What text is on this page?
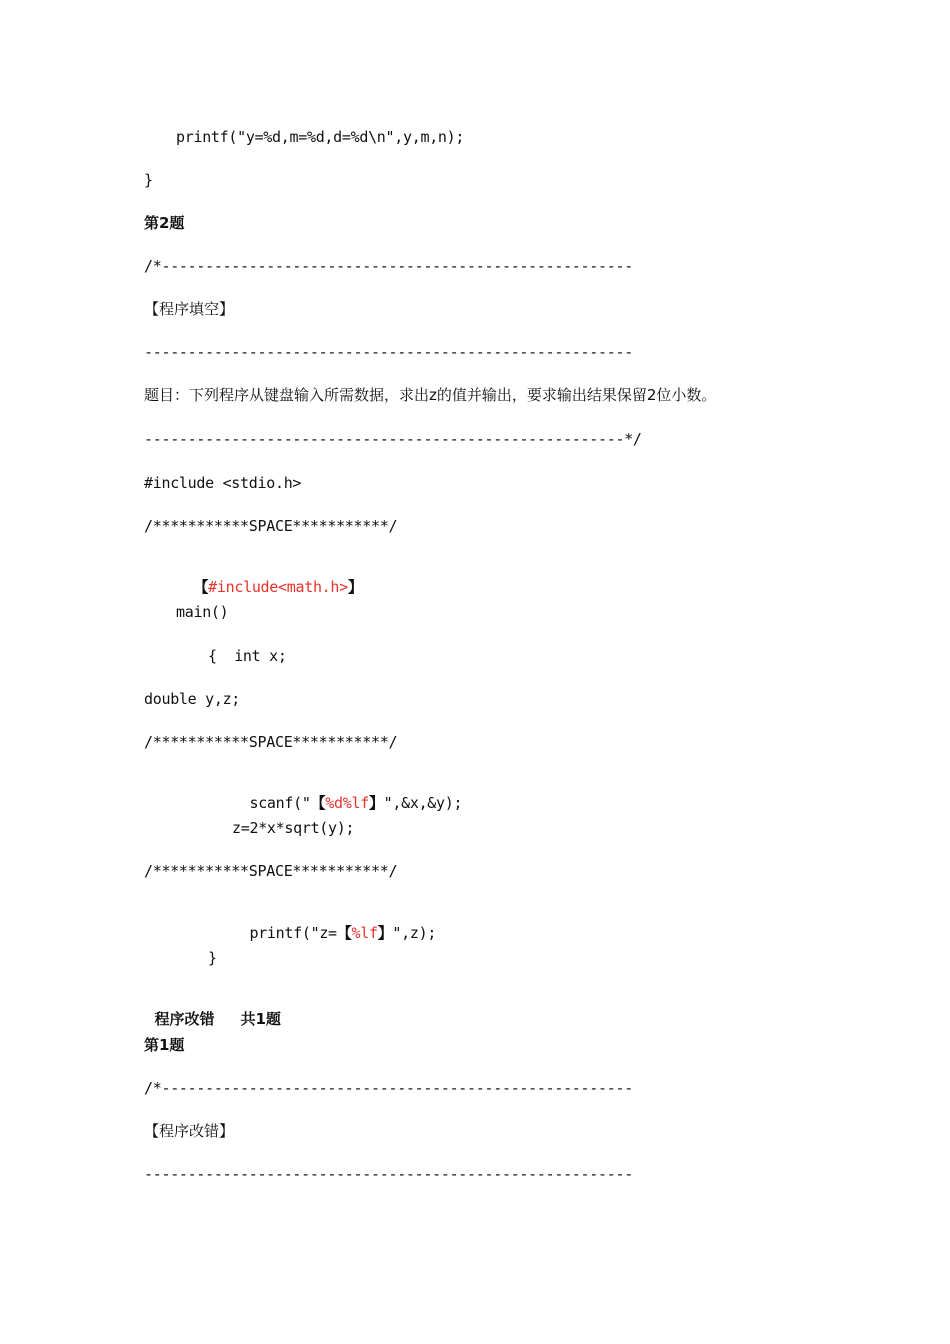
printf("y=%d,m=%d,d=%d\n",y,m,n);
}
第2题
/*------------------------------------------------------
【程序填空】
--------------------------------------------------------
题目：下列程序从键盘输入所需数据，求出z的值并输出，要求输出结果保留2位小数。
-------------------------------------------------------*/
#include <stdio.h>
/***********SPACE***********/

【#include<math.h>】

main()
{  int x;
double y,z;
/***********SPACE***********/

scanf("【%d%lf】",&x,&y);

z=2*x*sqrt(y);
/***********SPACE***********/

printf("z=【%lf】",z);

}

程序改错 共1题

第1题
/*------------------------------------------------------
【程序改错】
--------------------------------------------------------
